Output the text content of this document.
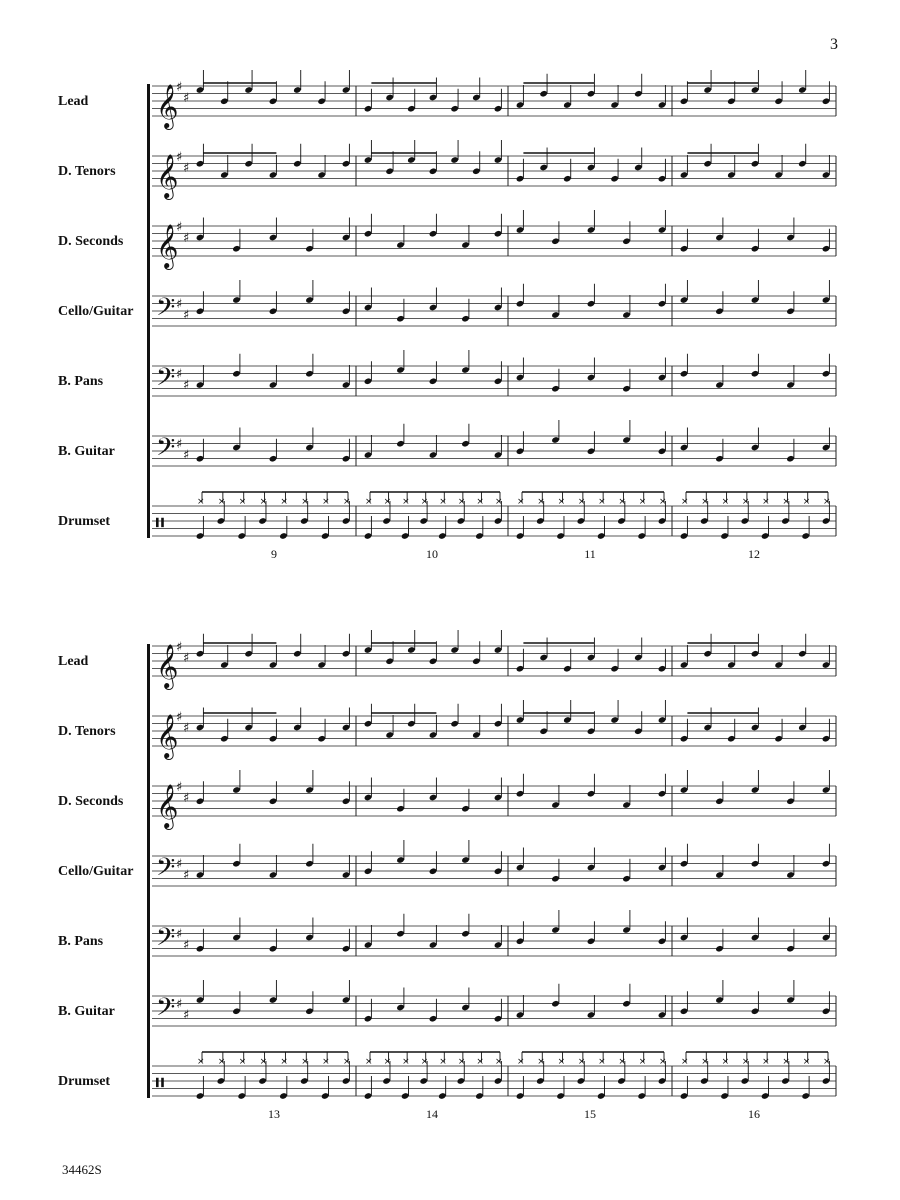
3
Lead
D. Tenors
D. Seconds
Cello/Guitar
B. Pans
B. Guitar
Drumset
𝄞
♯
♯
𝄞
♯
♯
𝄞
♯
♯
𝄢 ♯
♯
𝄢 ♯
♯
𝄢 ♯
♯
𝄥
× × × × × × × × × × × × × × × × × × × × × × × × × × × × × × × ×
9	10	11	12
Lead
D. Tenors
D. Seconds
Cello/Guitar
B. Pans
B. Guitar
Drumset
𝄞
♯
♯
𝄞
♯
♯
𝄞
♯
♯
𝄢 ♯
♯
𝄢 ♯
♯
𝄢 ♯
♯
𝄥
× × × × × × × × × × × × × × × × × × × × × × × × × × × × × × × ×
13	14	15	16
34462S
